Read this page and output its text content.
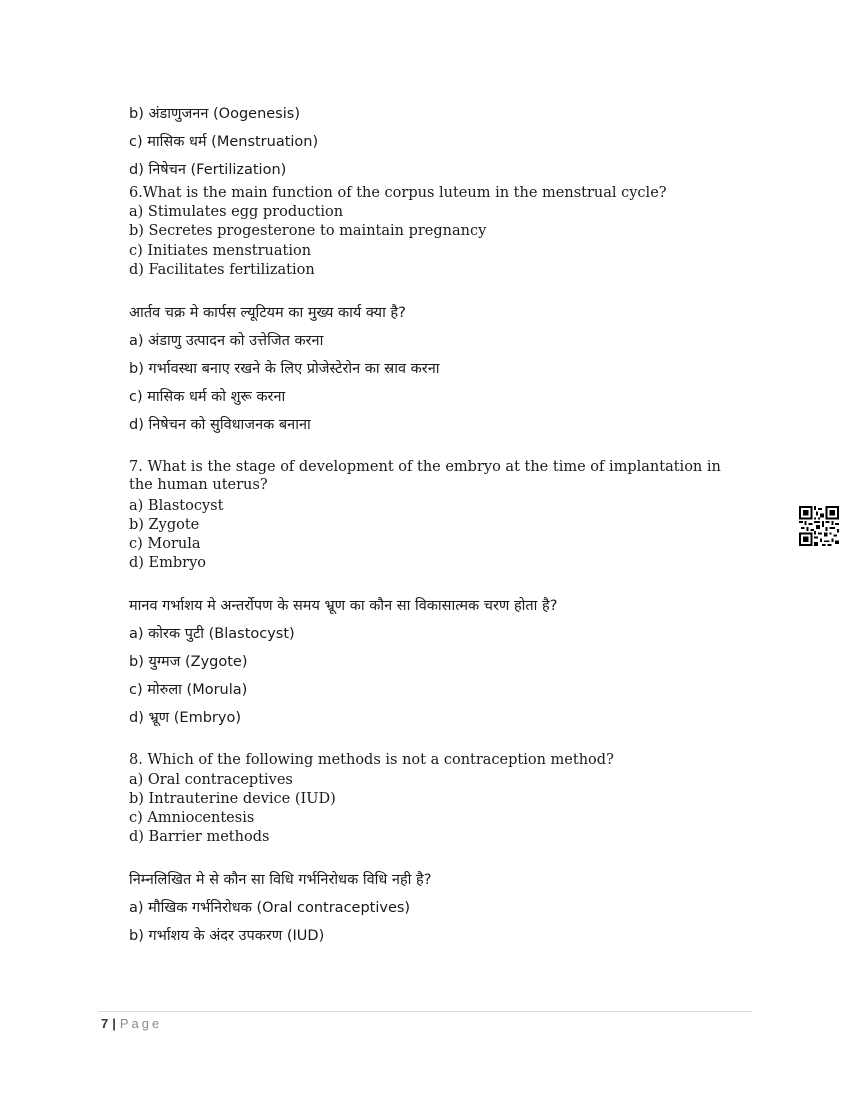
b) अंडाणुजनन (Oogenesis)
c) मासिक धर्म (Menstruation)
d) निषेचन (Fertilization)
6.What is the main function of the corpus luteum in the menstrual cycle?
a) Stimulates egg production
b) Secretes progesterone to maintain pregnancy
c) Initiates menstruation
d) Facilitates fertilization
आर्तव चक्र मे कार्पस ल्यूटियम का मुख्य कार्य क्या है?
a) अंडाणु उत्पादन को उत्तेजित करना
b) गर्भावस्था बनाए रखने के लिए प्रोजेस्टेरोन का स्राव करना
c) मासिक धर्म को शुरू करना
d) निषेचन को सुविधाजनक बनाना
7. What is the stage of development of the embryo at the time of implantation in the human uterus?
a) Blastocyst
b) Zygote
c) Morula
d) Embryo
मानव गर्भाशय मे अन्तर्रोपण के समय भ्रूण का कौन सा विकासात्मक चरण होता है?
a) कोरक पुटी (Blastocyst)
b) युग्मज (Zygote)
c) मोरुला (Morula)
d) भ्रूण (Embryo)
8. Which of the following methods is not a contraception method?
a) Oral contraceptives
b) Intrauterine device (IUD)
c) Amniocentesis
d) Barrier methods
निम्नलिखित मे से कौन सा विधि गर्भनिरोधक विधि नही है?
a) मौखिक गर्भनिरोधक (Oral contraceptives)
b) गर्भाशय के अंदर उपकरण (IUD)
7 | Page
